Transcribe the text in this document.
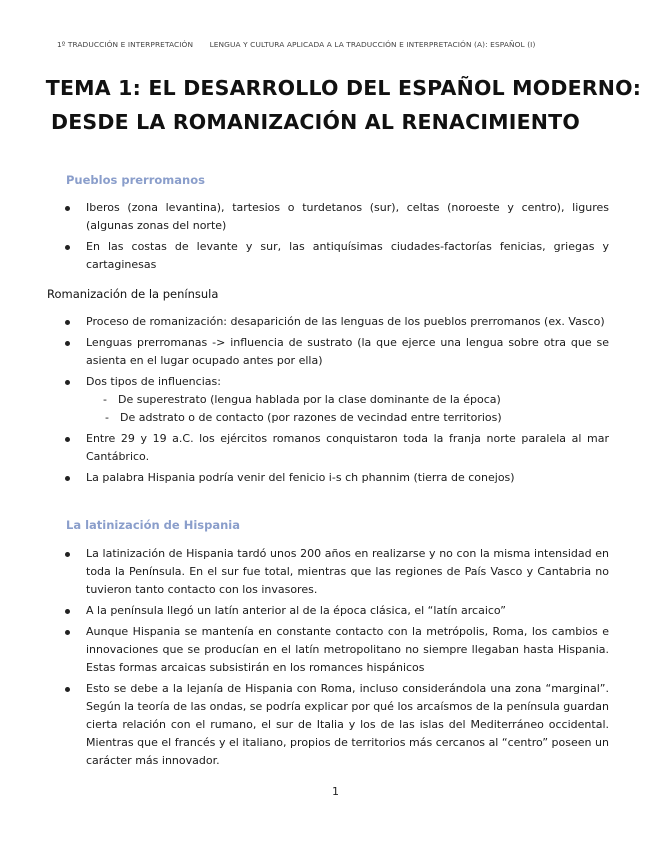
1º TRADUCCIÓN E INTERPRETACIÓN LENGUA Y CULTURA APLICADA A LA TRADUCCIÓN E INTERPRETACIÓN (A): ESPAÑOL (I)
TEMA 1: EL DESARROLLO DEL ESPAÑOL MODERNO:
DESDE LA ROMANIZACIÓN AL RENACIMIENTO
Pueblos prerromanos
Iberos (zona levantina), tartesios o turdetanos (sur), celtas (noroeste y centro), ligures (algunas zonas del norte)
En las costas de levante y sur, las antiquísimas ciudades-factorías fenicias, griegas y cartaginesas
Romanización de la península
Proceso de romanización: desaparición de las lenguas de los pueblos prerromanos (ex. Vasco)
Lenguas prerromanas -> influencia de sustrato (la que ejerce una lengua sobre otra que se asienta en el lugar ocupado antes por ella)
Dos tipos de influencias:
- De superestrato (lengua hablada por la clase dominante de la época)
- De adstrato o de contacto (por razones de vecindad entre territorios)
Entre 29 y 19 a.C. los ejércitos romanos conquistaron toda la franja norte paralela al mar Cantábrico.
La palabra Hispania podría venir del fenicio i-s ch phannim (tierra de conejos)
La latinización de Hispania
La latinización de Hispania tardó unos 200 años en realizarse y no con la misma intensidad en toda la Península. En el sur fue total, mientras que las regiones de País Vasco y Cantabria no tuvieron tanto contacto con los invasores.
A la península llegó un latín anterior al de la época clásica, el “latín arcaico”
Aunque Hispania se mantenía en constante contacto con la metrópolis, Roma, los cambios e innovaciones que se producían en el latín metropolitano no siempre llegaban hasta Hispania. Estas formas arcaicas subsistirán en los romances hispánicos
Esto se debe a la lejanía de Hispania con Roma, incluso considerándola una zona “marginal”. Según la teoría de las ondas, se podría explicar por qué los arcaísmos de la península guardan cierta relación con el rumano, el sur de Italia y los de las islas del Mediterráneo occidental. Mientras que el francés y el italiano, propios de territorios más cercanos al “centro” poseen un carácter más innovador.
1
